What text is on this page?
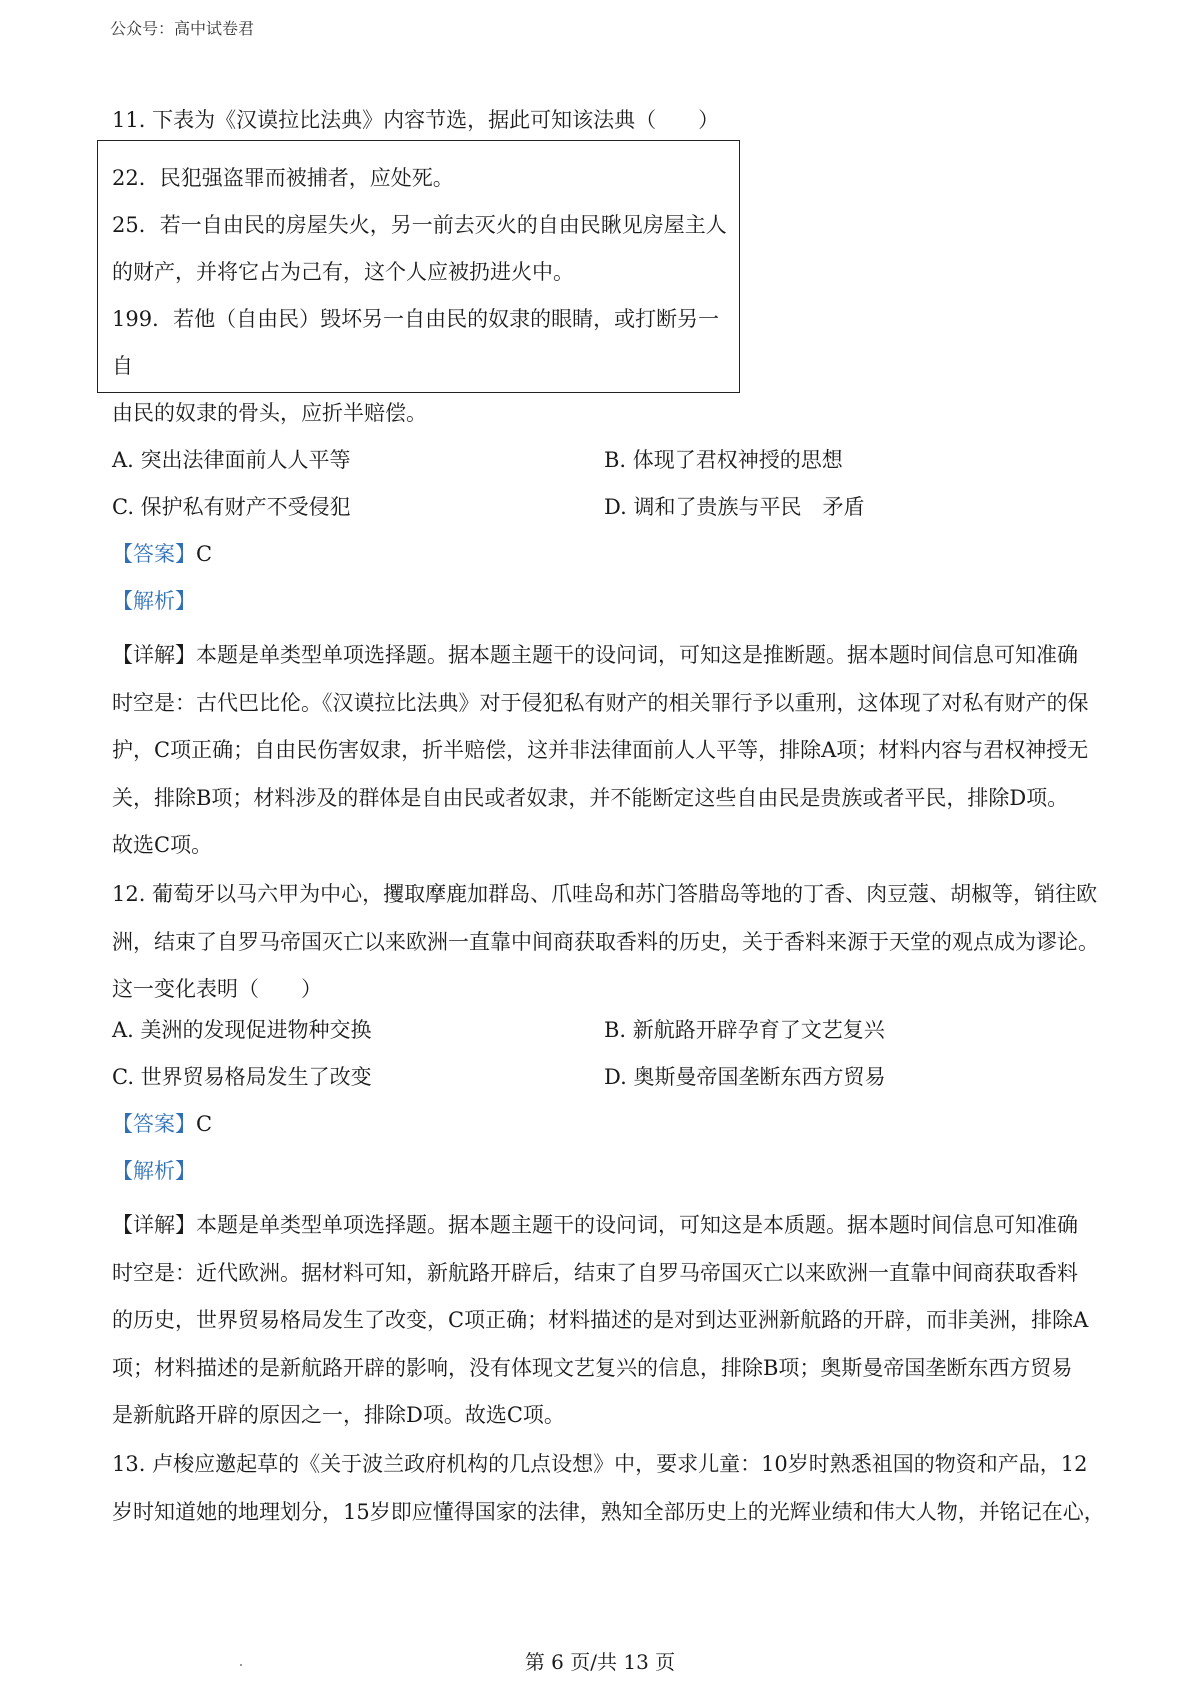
公众号：高中试卷君
11. 下表为《汉谟拉比法典》内容节选，据此可知该法典（　　）

22．民犯强盗罪而被捕者，应处死。

25．若一自由民的房屋失火，另一前去灭火的自由民瞅见房屋主人

的财产，并将它占为己有，这个人应被扔进火中。

199．若他（自由民）毁坏另一自由民的奴隶的眼睛，或打断另一自

由民的奴隶的骨头，应折半赔偿。

A. 突出法律面前人人平等	B. 体现了君权神授的思想
C. 保护私有财产不受侵犯	D. 调和了贵族与平民　矛盾
【答案】C
【解析】

【详解】本题是单类型单项选择题。据本题主题干的设问词，可知这是推断题。据本题时间信息可知准确

时空是：古代巴比伦。《汉谟拉比法典》对于侵犯私有财产的相关罪行予以重刑，这体现了对私有财产的保

护，C项正确；自由民伤害奴隶，折半赔偿，这并非法律面前人人平等，排除A项；材料内容与君权神授无

关，排除B项；材料涉及的群体是自由民或者奴隶，并不能断定这些自由民是贵族或者平民，排除D项。

故选C项。

12. 葡萄牙以马六甲为中心，攫取摩鹿加群岛、爪哇岛和苏门答腊岛等地的丁香、肉豆蔻、胡椒等，销往欧

洲，结束了自罗马帝国灭亡以来欧洲一直靠中间商获取香料的历史，关于香料来源于天堂的观点成为谬论。

这一变化表明（　　）

A. 美洲的发现促进物种交换	B. 新航路开辟孕育了文艺复兴
C. 世界贸易格局发生了改变	D. 奥斯曼帝国垄断东西方贸易
【答案】C
【解析】

【详解】本题是单类型单项选择题。据本题主题干的设问词，可知这是本质题。据本题时间信息可知准确

时空是：近代欧洲。据材料可知，新航路开辟后，结束了自罗马帝国灭亡以来欧洲一直靠中间商获取香料

的历史，世界贸易格局发生了改变，C项正确；材料描述的是对到达亚洲新航路的开辟，而非美洲，排除A

项；材料描述的是新航路开辟的影响，没有体现文艺复兴的信息，排除B项；奥斯曼帝国垄断东西方贸易

是新航路开辟的原因之一，排除D项。故选C项。

13. 卢梭应邀起草的《关于波兰政府机构的几点设想》中，要求儿童：10岁时熟悉祖国的物资和产品，12

岁时知道她的地理划分，15岁即应懂得国家的法律，熟知全部历史上的光辉业绩和伟大人物，并铭记在心，

第 6 页/共 13 页
